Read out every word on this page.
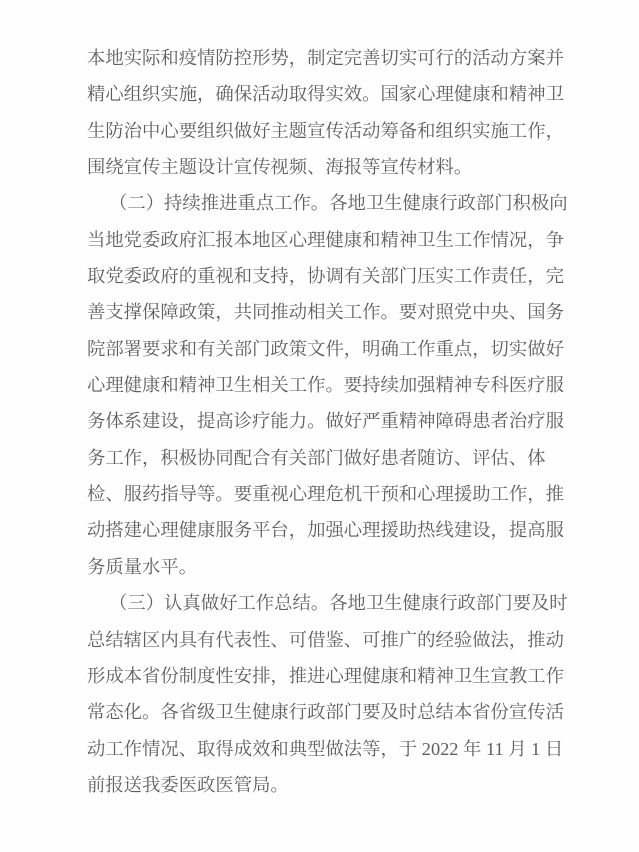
本地实际和疫情防控形势，制定完善切实可行的活动方案并精心组织实施，确保活动取得实效。国家心理健康和精神卫生防治中心要组织做好主题宣传活动筹备和组织实施工作，围绕宣传主题设计宣传视频、海报等宣传材料。

（二）持续推进重点工作。各地卫生健康行政部门积极向当地党委政府汇报本地区心理健康和精神卫生工作情况，争取党委政府的重视和支持，协调有关部门压实工作责任，完善支撑保障政策，共同推动相关工作。要对照党中央、国务院部署要求和有关部门政策文件，明确工作重点，切实做好心理健康和精神卫生相关工作。要持续加强精神专科医疗服务体系建设，提高诊疗能力。做好严重精神障碍患者治疗服务工作，积极协同配合有关部门做好患者随访、评估、体检、服药指导等。要重视心理危机干预和心理援助工作，推动搭建心理健康服务平台，加强心理援助热线建设，提高服务质量水平。

（三）认真做好工作总结。各地卫生健康行政部门要及时总结辖区内具有代表性、可借鉴、可推广的经验做法，推动形成本省份制度性安排，推进心理健康和精神卫生宣教工作常态化。各省级卫生健康行政部门要及时总结本省份宣传活动工作情况、取得成效和典型做法等，于 2022 年 11 月 1 日前报送我委医政医管局。
